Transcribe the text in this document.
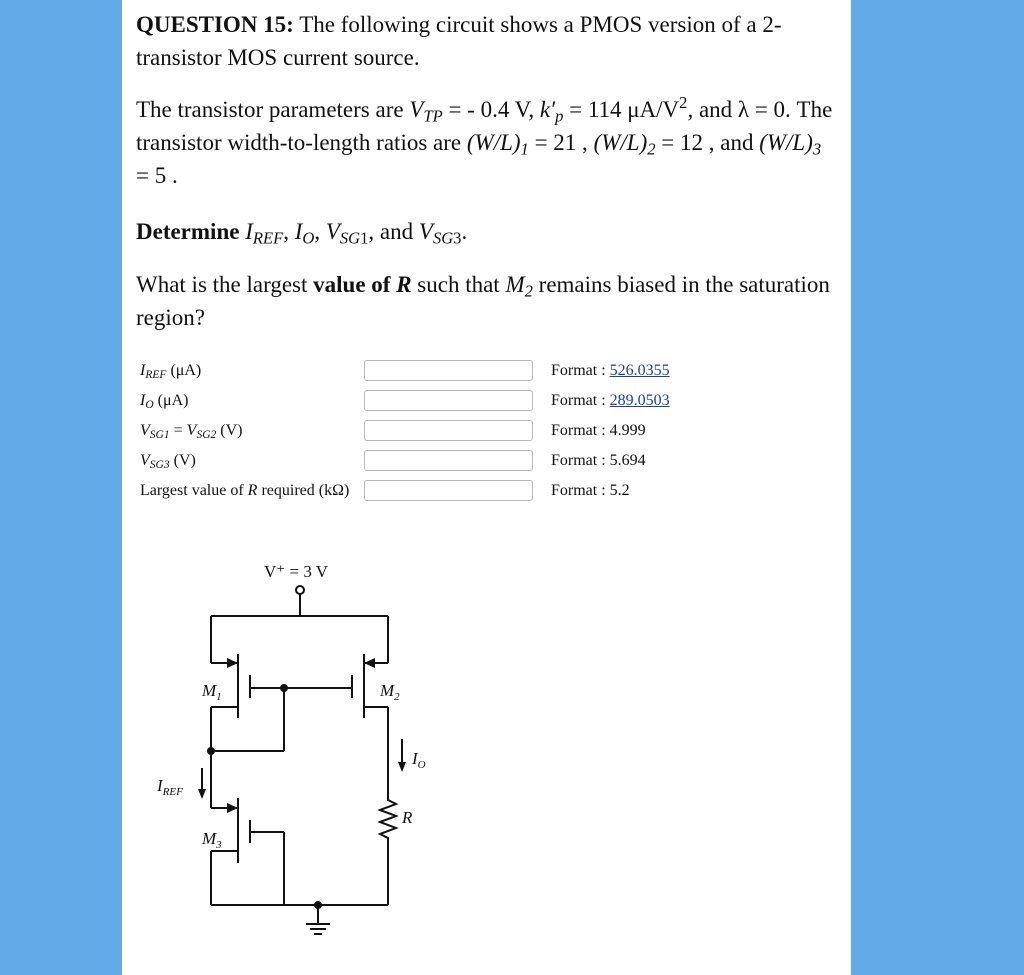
QUESTION 15: The following circuit shows a PMOS version of a 2-transistor MOS current source.
The transistor parameters are $V_{TP}$ = - 0.4 V, $k'_p = 114$ $\mu A/V^2$, and λ = 0. The transistor width-to-length ratios are $(W/L)_1 = 21$ , $(W/L)_2 = 12$ , and $(W/L)_3 = 5$ .
Determine $I_{REF}$, $I_O$, $V_{SG1}$, and $V_{SG3}$.
What is the largest value of R such that $M_2$ remains biased in the saturation region?
$I_{REF}$ (μA)	Format : 526.0355
$I_O$ (μA)	Format : 289.0503
$V_{SG1} = V_{SG2}$ (V)	Format : 4.999
$V_{SG3}$ (V)	Format : 5.694
Largest value of R required (kΩ)	Format : 5.2
V⁺ = 3 V
$M_1$	$M_2$
$I_O$
R
$I_{REF}$
$M_3$
